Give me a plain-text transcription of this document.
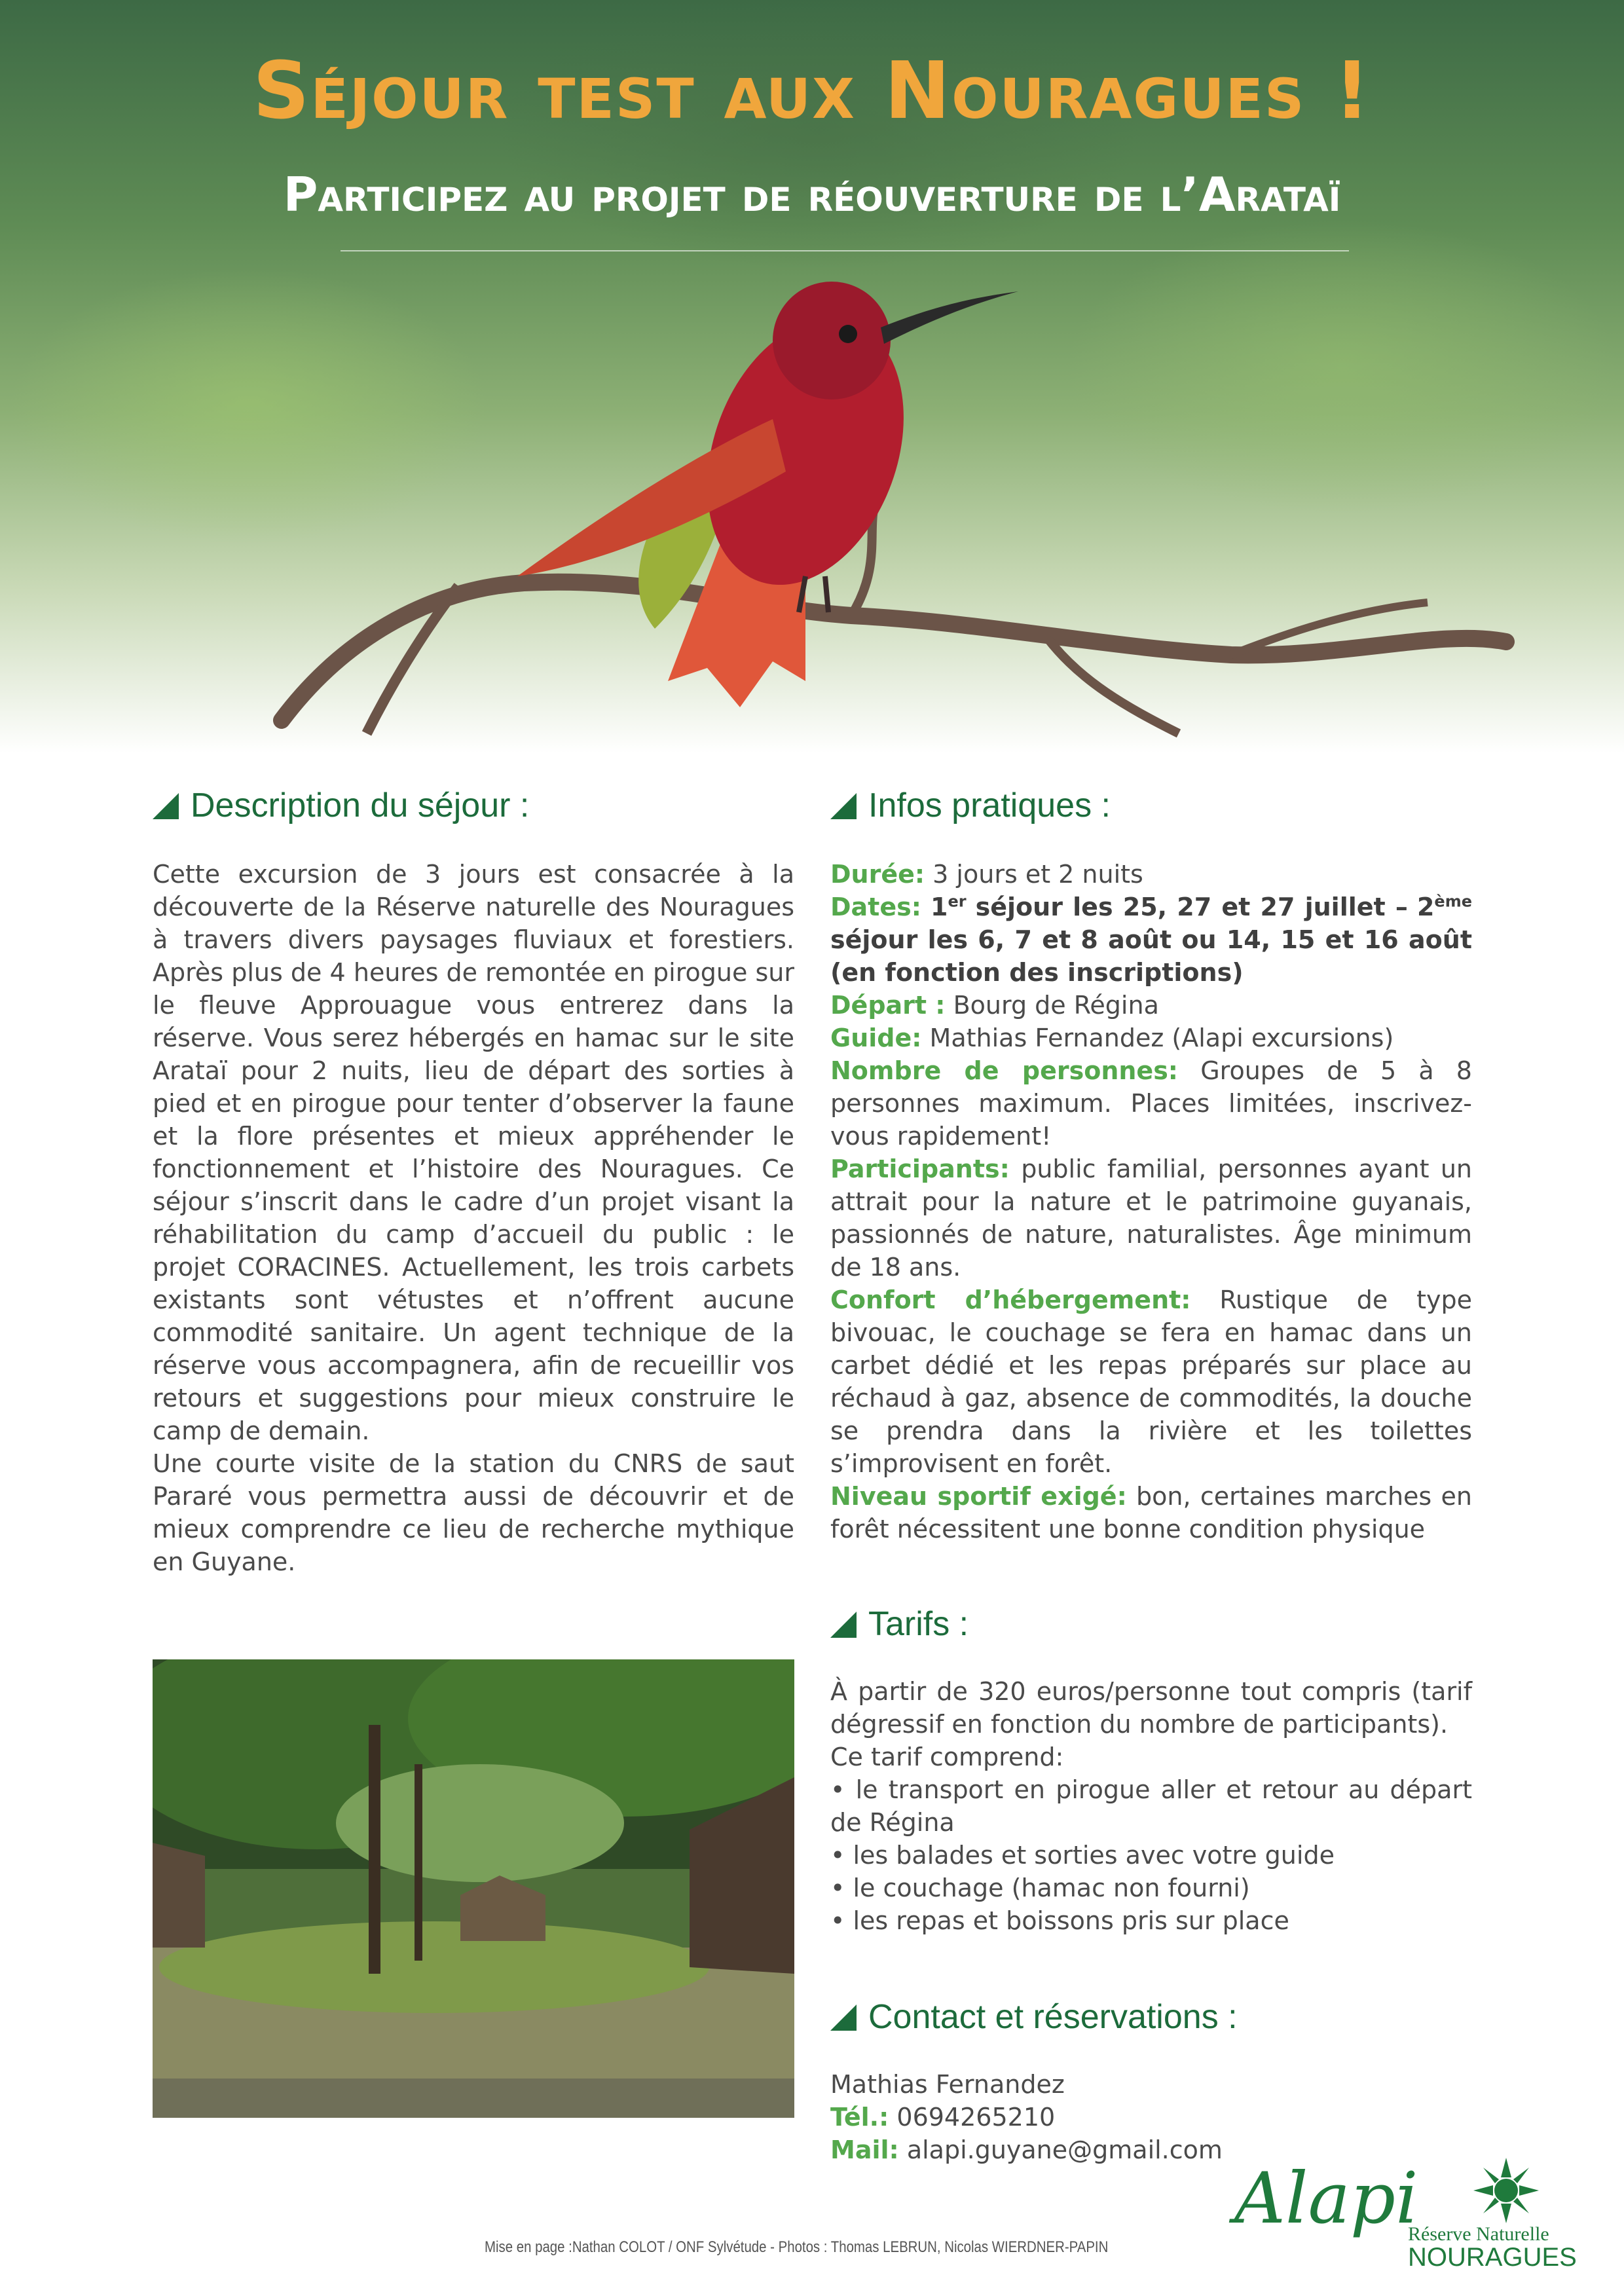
Séjour test aux Nouragues !
Participez au projet de réouverture de l’Arataï
Description du séjour :
Cette excursion de 3 jours est consacrée à la découverte de la Réserve naturelle des Nouragues à travers divers paysages fluviaux et forestiers. Après plus de 4 heures de remontée en pirogue sur le fleuve Approuague vous entrerez dans la réserve. Vous serez hébergés en hamac sur le site Arataï pour 2 nuits, lieu de départ des sorties à pied et en pirogue pour tenter d’observer la faune et la flore présentes et mieux appréhender le fonctionnement et l’histoire des Nouragues. Ce séjour s’inscrit dans le cadre d’un projet visant la réhabilitation du camp d’accueil du public : le projet CORACINES. Actuellement, les trois carbets existants sont vétustes et n’offrent aucune commodité sanitaire. Un agent technique de la réserve vous accompagnera, afin de recueillir vos retours et suggestions pour mieux construire le camp de demain.
Une courte visite de la station du CNRS de saut Pararé vous permettra aussi de découvrir et de mieux comprendre ce lieu de recherche mythique en Guyane.
Infos pratiques :
Durée: 3 jours et 2 nuits
Dates: 1er séjour les 25, 27 et 27 juillet – 2ème séjour les 6, 7 et 8 août ou 14, 15 et 16 août (en fonction des inscriptions)
Départ : Bourg de Régina
Guide: Mathias Fernandez (Alapi excursions)
Nombre de personnes: Groupes de 5 à 8 personnes maximum. Places limitées, inscrivez-vous rapidement!
Participants: public familial, personnes ayant un attrait pour la nature et le patrimoine guyanais, passionnés de nature, naturalistes. Âge minimum de 18 ans.
Confort d’hébergement: Rustique de type bivouac, le couchage se fera en hamac dans un carbet dédié et les repas préparés sur place au réchaud à gaz, absence de commodités, la douche se prendra dans la rivière et les toilettes s’improvisent en forêt.
Niveau sportif exigé: bon, certaines marches en forêt nécessitent une bonne condition physique
Tarifs :
À partir de 320 euros/personne tout compris (tarif dégressif en fonction du nombre de participants).
Ce tarif comprend:
• le transport en pirogue aller et retour au départ de Régina
• les balades et sorties avec votre guide
• le couchage (hamac non fourni)
• les repas et boissons pris sur place
Contact et réservations :
Mathias Fernandez
Tél.: 0694265210
Mail: alapi.guyane@gmail.com
Mise en page :Nathan COLOT / ONF Sylvétude - Photos : Thomas LEBRUN, Nicolas WIERDNER-PAPIN
Alapi
Réserve Naturelle
NOURAGUES
